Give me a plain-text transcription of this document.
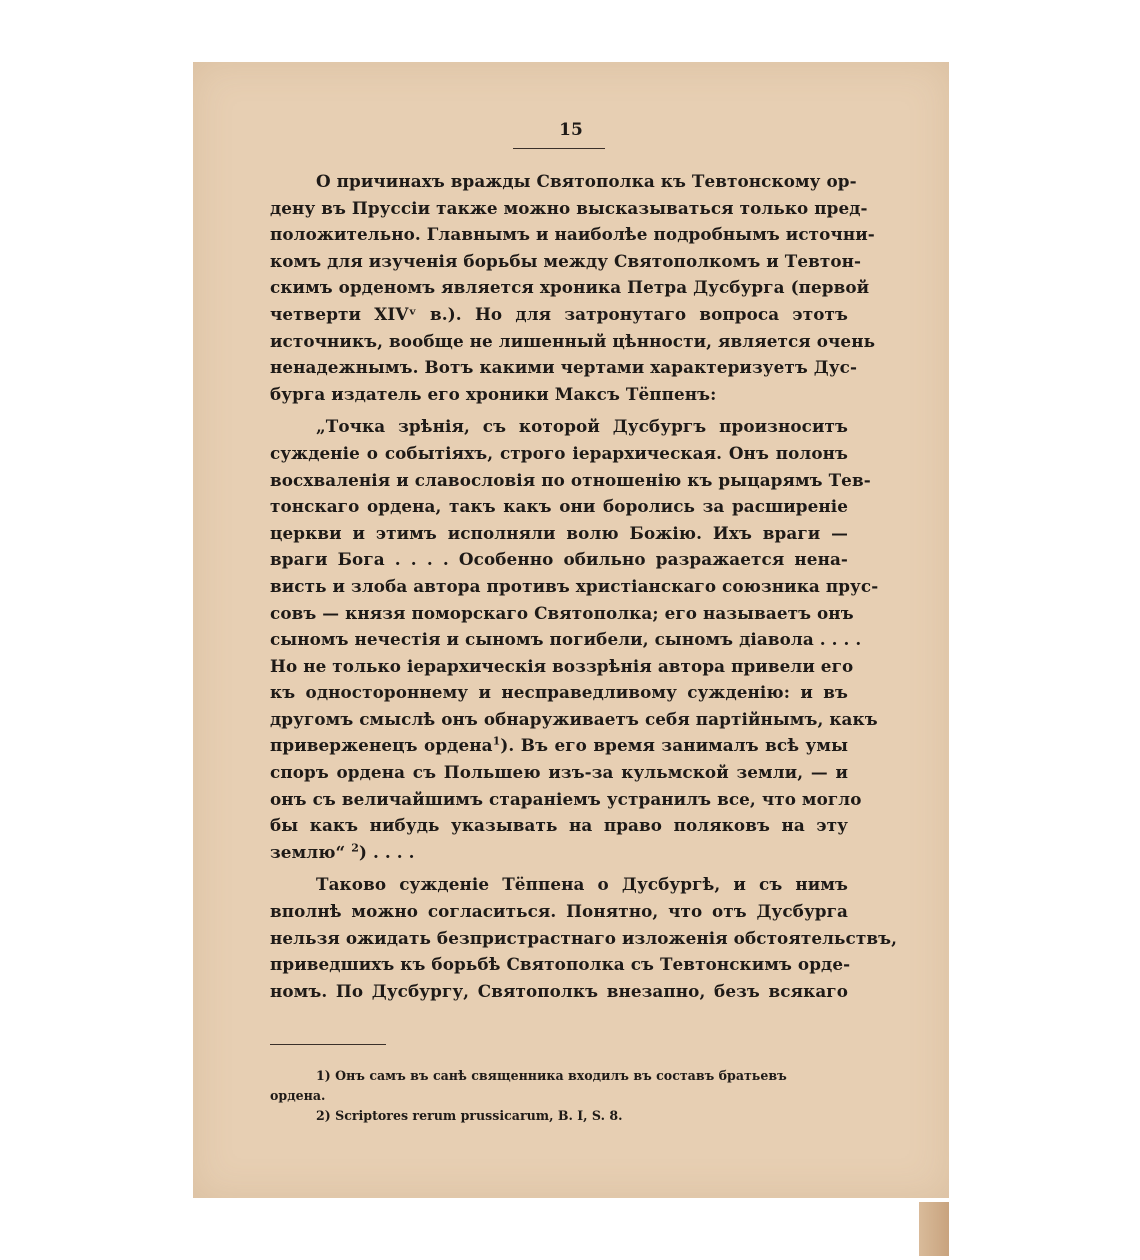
15
О причинахъ вражды Святополка къ Тевтонскому ор-
дену въ Пруссіи также можно высказываться только пред-
положительно. Главнымъ и наиболѣе подробнымъ источни-
комъ для изученія борьбы между Святополкомъ и Тевтон-
скимъ орденомъ является хроника Петра Дусбурга (первой
четверти XIVᵛ в.). Но для затронутаго вопроса этотъ
источникъ, вообще не лишенный цѣнности, является очень
ненадежнымъ. Вотъ какими чертами характеризуетъ Дус-
бурга издатель его хроники Максъ Тёппенъ:
„Точка зрѣнія, съ которой Дусбургъ произноситъ
сужденіе о событіяхъ, строго іерархическая. Онъ полонъ
восхваленія и славословія по отношенію къ рыцарямъ Тев-
тонскаго ордена, такъ какъ они боролись за расширеніе
церкви и этимъ исполняли волю Божію. Ихъ враги —
враги Бога . . . . Особенно обильно разражается нена-
висть и злоба автора противъ христіанскаго союзника прус-
совъ — князя поморскаго Святополка; его называетъ онъ
сыномъ нечестія и сыномъ погибели, сыномъ діавола . . . .
Но не только іерархическія воззрѣнія автора привели его
къ одностороннему и несправедливому сужденію: и въ
другомъ смыслѣ онъ обнаруживаетъ себя партійнымъ, какъ
приверженецъ ордена$^1$). Въ его время занималъ всѣ умы
споръ ордена съ Польшею изъ-за кульмской земли, — и
онъ съ величайшимъ стараніемъ устранилъ все, что могло
бы какъ нибудь указывать на право поляковъ на эту
землю“ $^2$) . . . .
Таково сужденіе Тёппена о Дусбургѣ, и съ нимъ
вполнѣ можно согласиться. Понятно, что отъ Дусбурга
нельзя ожидать безпристрастнаго изложенія обстоятельствъ,
приведшихъ къ борьбѣ Святополка съ Тевтонскимъ орде-
номъ. По Дусбургу, Святополкъ внезапно, безъ всякаго
1) Онъ самъ въ санѣ священника входилъ въ составъ братьевъ
ордена.
2) Scriptores rerum prussicarum, B. I, S. 8.
